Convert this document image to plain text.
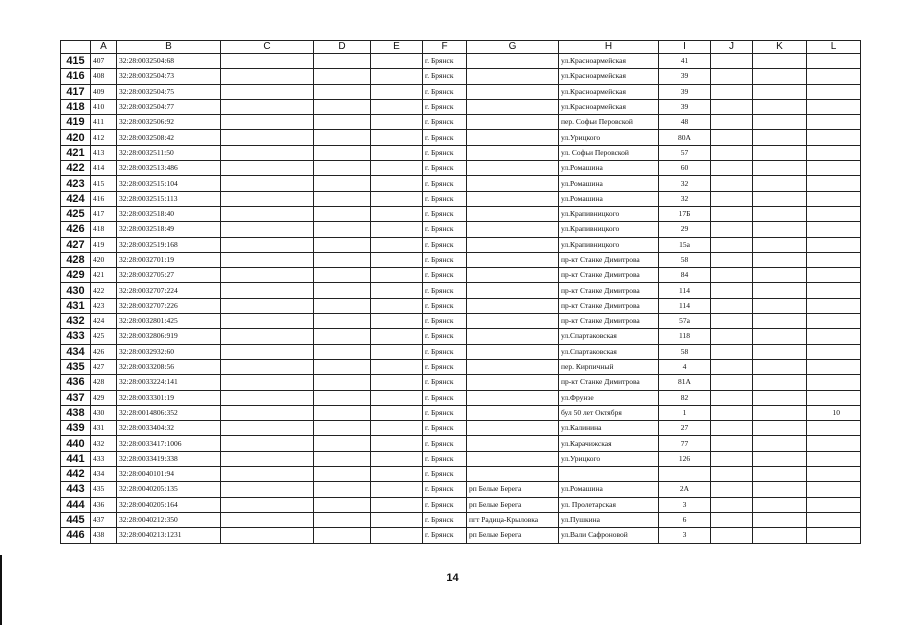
	A	B	C	D	E	F	G	H	I	J	K	L
415	407	32:28:0032504:68				г. Брянск		ул.Красноармейская	41			
416	408	32:28:0032504:73				г. Брянск		ул.Красноармейская	39			
417	409	32:28:0032504:75				г. Брянск		ул.Красноармейская	39			
418	410	32:28:0032504:77				г. Брянск		ул.Красноармейская	39			
419	411	32:28:0032506:92				г. Брянск		пер. Софьи Перовской	48			
420	412	32:28:0032508:42				г. Брянск		ул.Урицкого	80А			
421	413	32:28:0032511:50				г. Брянск		ул. Софьи Перовской	57			
422	414	32:28:0032513:486				г. Брянск		ул.Ромашина	60			
423	415	32:28:0032515:104				г. Брянск		ул.Ромашина	32			
424	416	32:28:0032515:113				г. Брянск		ул.Ромашина	32			
425	417	32:28:0032518:40				г. Брянск		ул.Крапивницкого	17Б			
426	418	32:28:0032518:49				г. Брянск		ул.Крапивницкого	29			
427	419	32:28:0032519:168				г. Брянск		ул.Крапивницкого	15а			
428	420	32:28:0032701:19				г. Брянск		пр-кт Станке Димитрова	58			
429	421	32:28:0032705:27				г. Брянск		пр-кт Станке Димитрова	84			
430	422	32:28:0032707:224				г. Брянск		пр-кт Станке Димитрова	114			
431	423	32:28:0032707:226				г. Брянск		пр-кт Станке Димитрова	114			
432	424	32:28:0032801:425				г. Брянск		пр-кт Станке Димитрова	57а			
433	425	32:28:0032806:919				г. Брянск		ул.Спартаковская	118			
434	426	32:28:0032932:60				г. Брянск		ул.Спартаковская	58			
435	427	32:28:0033208:56				г. Брянск		пер. Кирпичный	4			
436	428	32:28:0033224:141				г. Брянск		пр-кт Станке Димитрова	81А			
437	429	32:28:0033301:19				г. Брянск		ул.Фрунзе	82			
438	430	32:28:0014806:352				г. Брянск		бул 50 лет Октября	1			10
439	431	32:28:0033404:32				г. Брянск		ул.Калинина	27			
440	432	32:28:0033417:1006				г. Брянск		ул.Карачижская	77			
441	433	32:28:0033419:338				г. Брянск		ул.Урицкого	126			
442	434	32:28:0040101:94				г. Брянск						
443	435	32:28:0040205:135				г. Брянск	рп Белые Берега	ул.Ромашина	2А			
444	436	32:28:0040205:164				г. Брянск	рп Белые Берега	ул. Пролетарская	3			
445	437	32:28:0040212:350				г. Брянск	пгт Радица-Крыловка	ул.Пушкина	6			
446	438	32:28:0040213:1231				г. Брянск	рп Белые Берега	ул.Вали Сафроновой	3			
14
